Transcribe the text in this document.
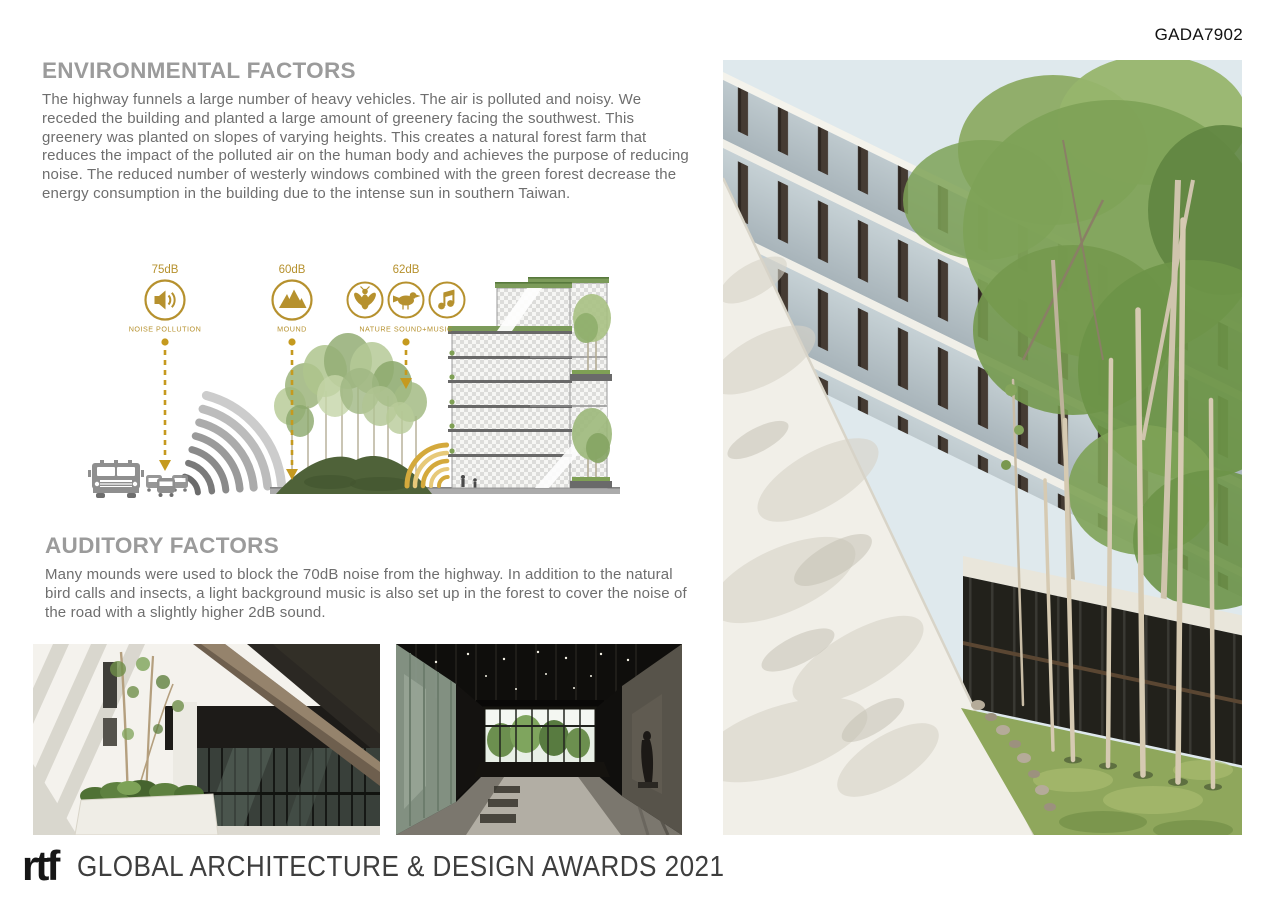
GADA7902
ENVIRONMENTAL FACTORS

The highway funnels a large number of heavy vehicles. The air is polluted and noisy. We receded the building and planted a large amount of greenery facing the southwest. This greenery was planted on slopes of varying heights. This creates a natural forest farm that reduces the impact of the polluted air on the human body and achieves the purpose of reducing noise. The reduced number of westerly windows combined with the green forest decrease the energy consumption in the building due to the intense sun in southern Taiwan.

75dB	60dB	62dB
NOISE POLLUTION	MOUND	NATURE SOUND+MUSIC
AUDITORY FACTORS

Many mounds were used to block the 70dB noise from the highway. In addition to the natural bird calls and insects, a light background music is also set up in the forest to cover the noise of the road with a slightly higher 2dB sound.

rtf GLOBAL ARCHITECTURE & DESIGN AWARDS 2021
